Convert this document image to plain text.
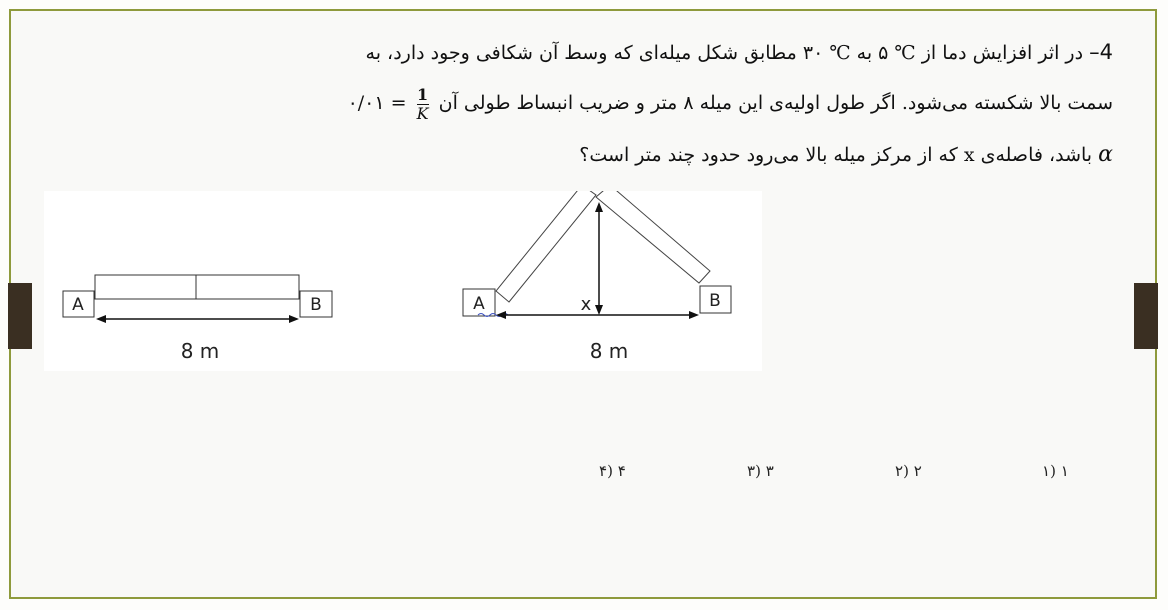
4– در اثر افزایش دما از ℃ ۵ به ℃ ۳۰ مطابق شکل میله‌ای که وسط آن شکافی وجود دارد، به
سمت بالا شکسته می‌شود. اگر طول اولیه‌ی این میله ۸ متر و ضریب انبساط طولی آن
$\frac{1}{K}$
= ۰/۰۱
α باشد، فاصله‌ی x که از مرکز میله بالا می‌رود حدود چند متر است؟
A	B
8 m
A	B
x
8 m
۱ (۱
۲ (۲
۳ (۳
۴ (۴
